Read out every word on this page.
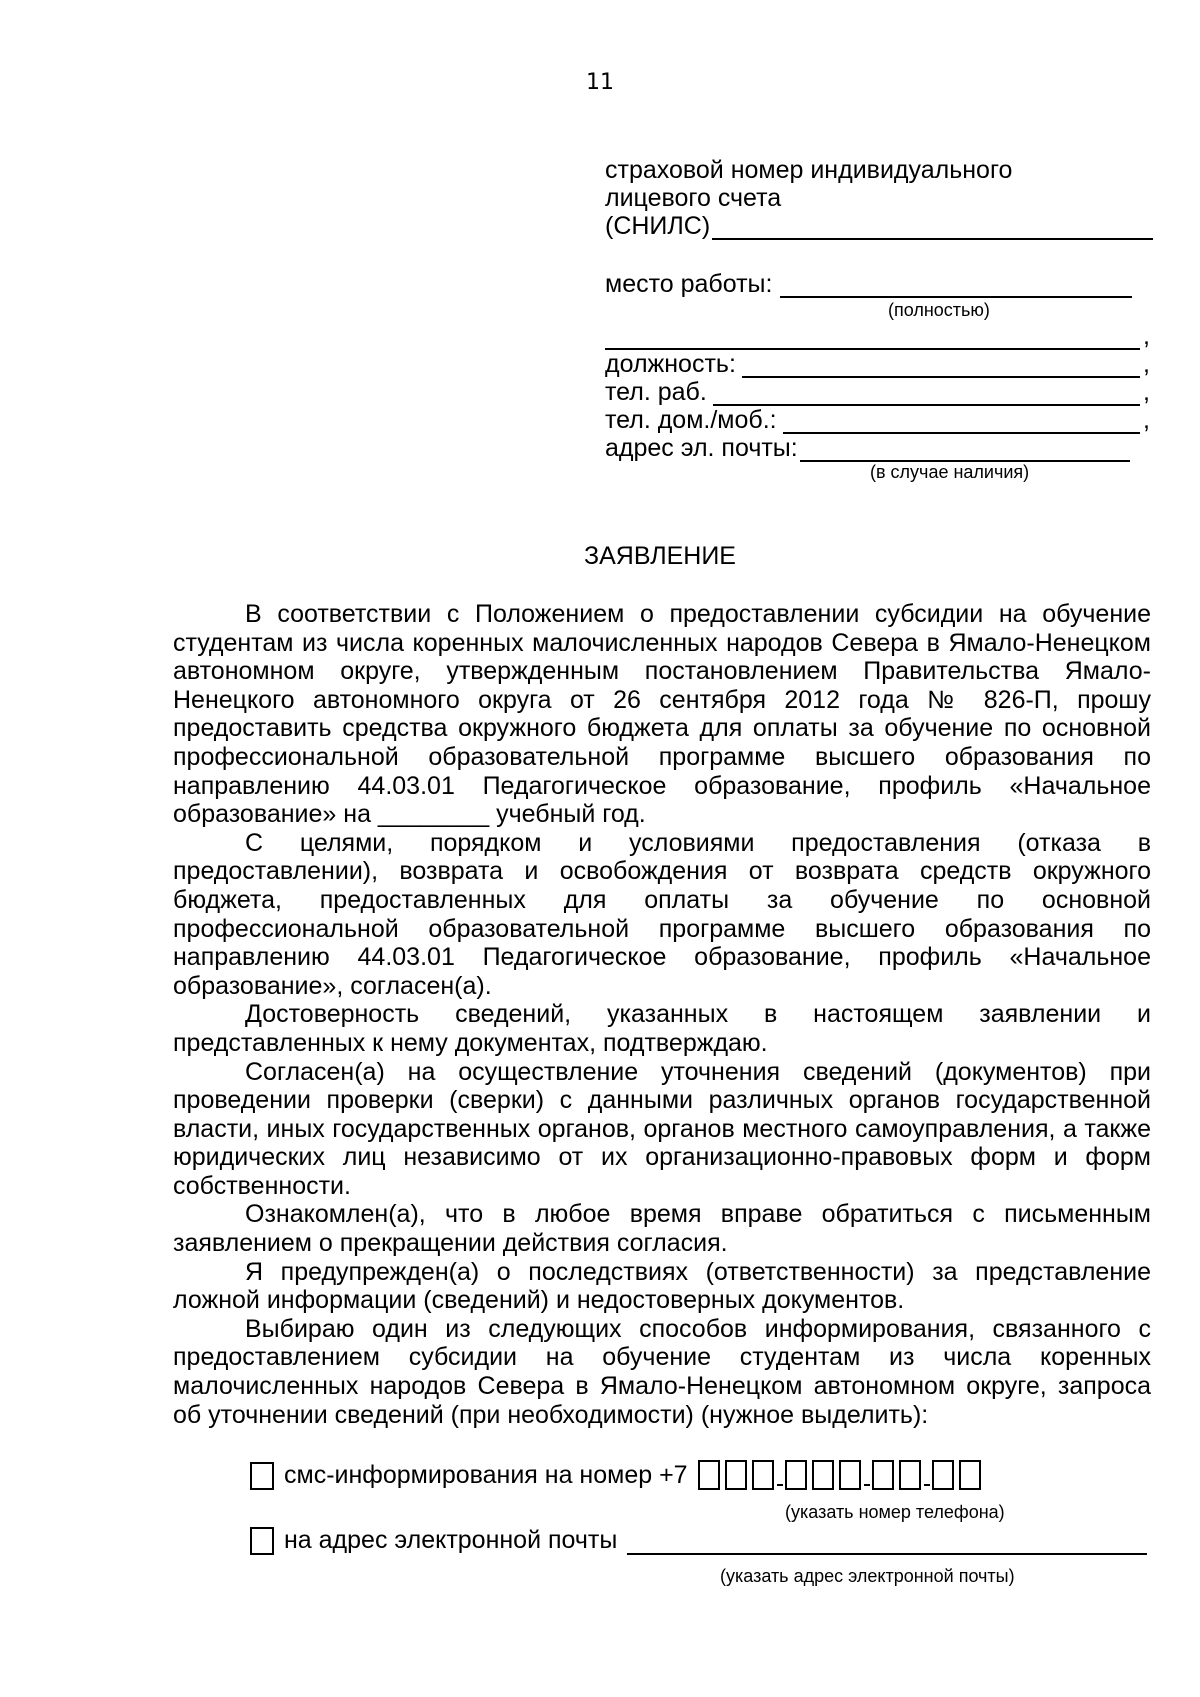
11
страховой номер индивидуального
лицевого счета
(СНИЛС)
место работы:
(полностью)
,
должность:	,
тел. раб.	,
тел. дом./моб.:	,
адрес эл. почты:
(в случае наличия)
ЗАЯВЛЕНИЕ

В соответствии с Положением о предоставлении субсидии на обучение студентам из числа коренных малочисленных народов Севера в Ямало-Ненецком автономном округе, утвержденным постановлением Правительства Ямало-Ненецкого автономного округа от 26 сентября 2012 года № 826-П, прошу предоставить средства окружного бюджета для оплаты за обучение по основной профессиональной образовательной программе высшего образования по направлению 44.03.01 Педагогическое образование, профиль «Начальное образование» на ________ учебный год.

С целями, порядком и условиями предоставления (отказа в предоставлении), возврата и освобождения от возврата средств окружного бюджета, предоставленных для оплаты за обучение по основной профессиональной образовательной программе высшего образования по направлению 44.03.01 Педагогическое образование, профиль «Начальное образование», согласен(а).

Достоверность сведений, указанных в настоящем заявлении и представленных к нему документах, подтверждаю.

Согласен(а) на осуществление уточнения сведений (документов) при проведении проверки (сверки) с данными различных органов государственной власти, иных государственных органов, органов местного самоуправления, а также юридических лиц независимо от их организационно-правовых форм и форм собственности.

Ознакомлен(а), что в любое время вправе обратиться с письменным заявлением о прекращении действия согласия.

Я предупрежден(а) о последствиях (ответственности) за представление ложной информации (сведений) и недостоверных документов.

Выбираю один из следующих способов информирования, связанного с предоставлением субсидии на обучение студентам из числа коренных малочисленных народов Севера в Ямало-Ненецком автономном округе, запроса об уточнении сведений (при необходимости) (нужное выделить):

смс-информирования на номер +7
(указать номер телефона)
на адрес электронной почты
(указать адрес электронной почты)
